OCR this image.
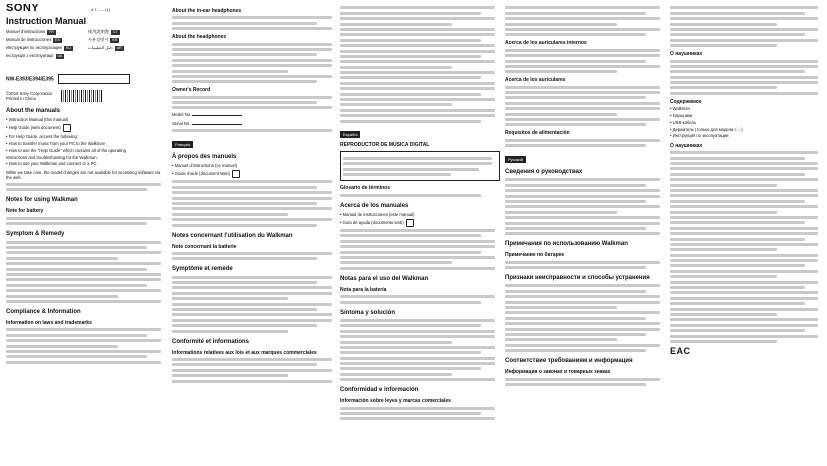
SONY	4-7..-..-..(1)
Instruction Manual

Manuel d'instructions FR

Manual de instrucciones ES

Инструкция по эксплуатации RU

Інструкція з експлуатації UA

使用說明書 CT

사용설명서 KR

دليل التعليمات AR

NW-E393/E394/E395
©2016 Sony Corporation
Printed in China
About the manuals

• Instruction Manual (this manual)

• Help Guide (web document)

• For Help Guide, access the following:

• How to transfer music from your PC to the Walkman

• How to use the "Help Guide" which contains all of the operating

instructions and troubleshooting for the Walkman.

• How to use your Walkman and connect to a PC.

While we take care, the model changes are not available for accessing software via the web.

Notes for using Walkman
Note for battery
Symptom & Remedy
Compliance & Information
Information on laws and trademarks
About the in-ear headphones
About the headphones
Owner's Record
Model No.
Serial No.
Français
À propos des manuels

• Manuel d'instructions (ce manuel)

• Guide d'aide (document Web)

Notes concernant l'utilisation du Walkman
Note concernant la batterie
Symptôme et remède
Conformité et informations
Informations relatives aux lois et aux marques commerciales
Español
REPRODUCTOR DE MÚSICA DIGITAL
Glosario de términos
Acerca de los manuales

• Manual de instrucciones (este manual)

• Guía de ayuda (documento web)

Notas para el uso del Walkman
Nota para la batería
Síntoma y solución
Conformidad e información
Información sobre leyes y marcas comerciales
Acerca de los auriculares internos
Acerca de los auriculares
Requisitos de alimentación
Русский
Сведения о руководствах
Примечания по использованию Walkman
Примечание по батарее
Признаки неисправности и способы устранения
Соответствие требованиям и информация
Информация о законах и товарных знаках
О наушниках
Содержимое

• Walkman

• Наушники

• USB-кабель

• Держатель (только для модели с ...)

• Инструкция по эксплуатации

О наушниках
EAC
